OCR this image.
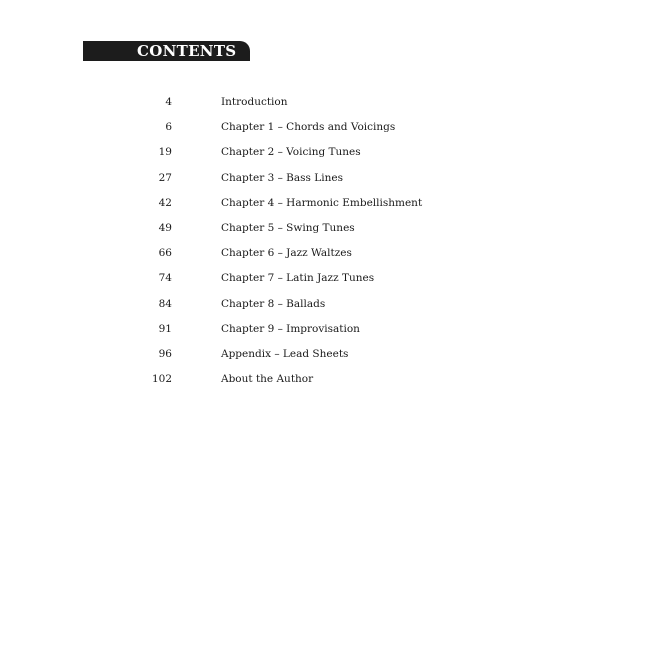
CONTENTS
4	Introduction
6	Chapter 1 – Chords and Voicings
19	Chapter 2 – Voicing Tunes
27	Chapter 3 – Bass Lines
42	Chapter 4 – Harmonic Embellishment
49	Chapter 5 – Swing Tunes
66	Chapter 6 – Jazz Waltzes
74	Chapter 7 – Latin Jazz Tunes
84	Chapter 8 – Ballads
91	Chapter 9 – Improvisation
96	Appendix – Lead Sheets
102	About the Author
